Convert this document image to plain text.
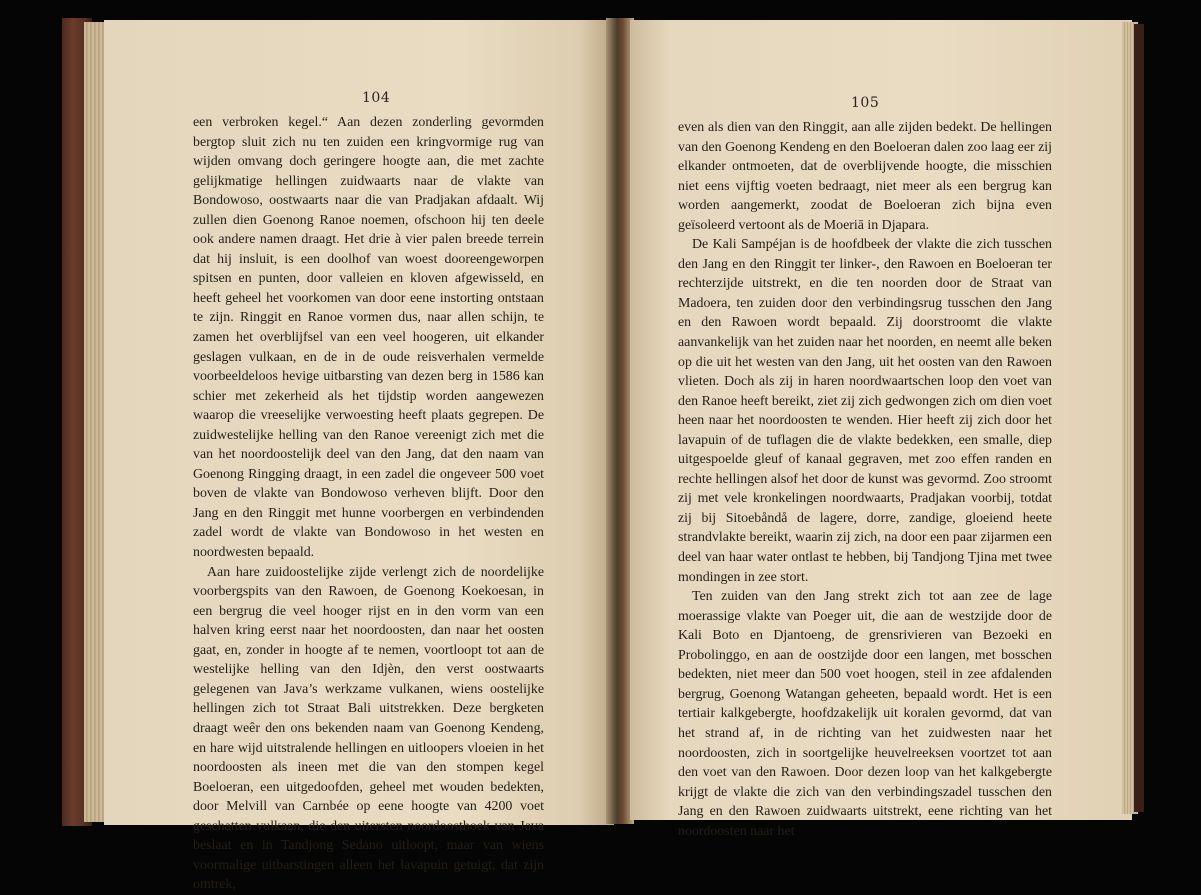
104	105

een verbroken kegel.“ Aan dezen zonderling gevormden bergtop sluit zich nu ten zuiden een kringvormige rug van wijden omvang doch geringere hoogte aan, die met zachte gelijkmatige hellingen zuidwaarts naar de vlakte van Bondowoso, oostwaarts naar die van Pradjakan afdaalt. Wij zullen dien Goenong Ranoe noemen, ofschoon hij ten deele ook andere namen draagt. Het drie à vier palen breede terrein dat hij insluit, is een doolhof van woest dooreengeworpen spitsen en punten, door valleien en kloven afgewisseld, en heeft geheel het voorkomen van door eene instorting ontstaan te zijn. Ringgit en Ranoe vormen dus, naar allen schijn, te zamen het overblijfsel van een veel hoogeren, uit elkander geslagen vulkaan, en de in de oude reisverhalen vermelde voorbeeldeloos hevige uitbarsting van dezen berg in 1586 kan schier met zekerheid als het tijdstip worden aangewezen waarop die vreeselijke verwoesting heeft plaats gegrepen. De zuidwestelijke helling van den Ranoe vereenigt zich met die van het noordoostelijk deel van den Jang, dat den naam van Goenong Ringging draagt, in een zadel die ongeveer 500 voet boven de vlakte van Bondowoso verheven blijft. Door den Jang en den Ringgit met hunne voorbergen en verbindenden zadel wordt de vlakte van Bondowoso in het westen en noordwesten bepaald.

Aan hare zuidoostelijke zijde verlengt zich de noordelijke voorbergspits van den Rawoen, de Goenong Koekoesan, in een bergrug die veel hooger rijst en in den vorm van een halven kring eerst naar het noordoosten, dan naar het oosten gaat, en, zonder in hoogte af te nemen, voortloopt tot aan de westelijke helling van den Idjèn, den verst oostwaarts gelegenen van Java’s werkzame vulkanen, wiens oostelijke hellingen zich tot Straat Bali uitstrekken. Deze bergketen draagt weêr den ons bekenden naam van Goenong Kendeng, en hare wijd uitstralende hellingen en uitloopers vloeien in het noordoosten als ineen met die van den stompen kegel Boeloeran, een uitgedoofden, geheel met wouden bedekten, door Melvill van Carnbée op eene hoogte van 4200 voet geschatten vulkaan, die den uitersten noordoosthoek van Java beslaat en in Tandjong Sedano uitloopt, maar van wiens voormalige uitbarstingen alleen het lavapuin getuigt, dat zijn omtrek,

even als dien van den Ringgit, aan alle zijden bedekt. De hellingen van den Goenong Kendeng en den Boeloeran dalen zoo laag eer zij elkander ontmoeten, dat de overblijvende hoogte, die misschien niet eens vijftig voeten bedraagt, niet meer als een bergrug kan worden aangemerkt, zoodat de Boeloeran zich bijna even geïsoleerd vertoont als de Moeriā in Djapara.

De Kali Sampéjan is de hoofdbeek der vlakte die zich tusschen den Jang en den Ringgit ter linker-, den Rawoen en Boeloeran ter rechterzijde uitstrekt, en die ten noorden door de Straat van Madoera, ten zuiden door den verbindingsrug tusschen den Jang en den Rawoen wordt bepaald. Zij doorstroomt die vlakte aanvankelijk van het zuiden naar het noorden, en neemt alle beken op die uit het westen van den Jang, uit het oosten van den Rawoen vlieten. Doch als zij in haren noordwaartschen loop den voet van den Ranoe heeft bereikt, ziet zij zich gedwongen zich om dien voet heen naar het noordoosten te wenden. Hier heeft zij zich door het lavapuin of de tuflagen die de vlakte bedekken, een smalle, diep uitgespoelde gleuf of kanaal gegraven, met zoo effen randen en rechte hellingen alsof het door de kunst was gevormd. Zoo stroomt zij met vele kronkelingen noordwaarts, Pradjakan voorbij, totdat zij bij Sitoebåndå de lagere, dorre, zandige, gloeiend heete strandvlakte bereikt, waarin zij zich, na door een paar zijarmen een deel van haar water ontlast te hebben, bij Tandjong Tjina met twee mondingen in zee stort.

Ten zuiden van den Jang strekt zich tot aan zee de lage moerassige vlakte van Poeger uit, die aan de westzijde door de Kali Boto en Djantoeng, de grensrivieren van Bezoeki en Probolinggo, en aan de oostzijde door een langen, met bosschen bedekten, niet meer dan 500 voet hoogen, steil in zee afdalenden bergrug, Goenong Watangan geheeten, bepaald wordt. Het is een tertiair kalkgebergte, hoofdzakelijk uit koralen gevormd, dat van het strand af, in de richting van het zuidwesten naar het noordoosten, zich in soortgelijke heuvelreeksen voortzet tot aan den voet van den Rawoen. Door dezen loop van het kalkgebergte krijgt de vlakte die zich van den verbindingszadel tusschen den Jang en den Rawoen zuidwaarts uitstrekt, eene richting van het noordoosten naar het
